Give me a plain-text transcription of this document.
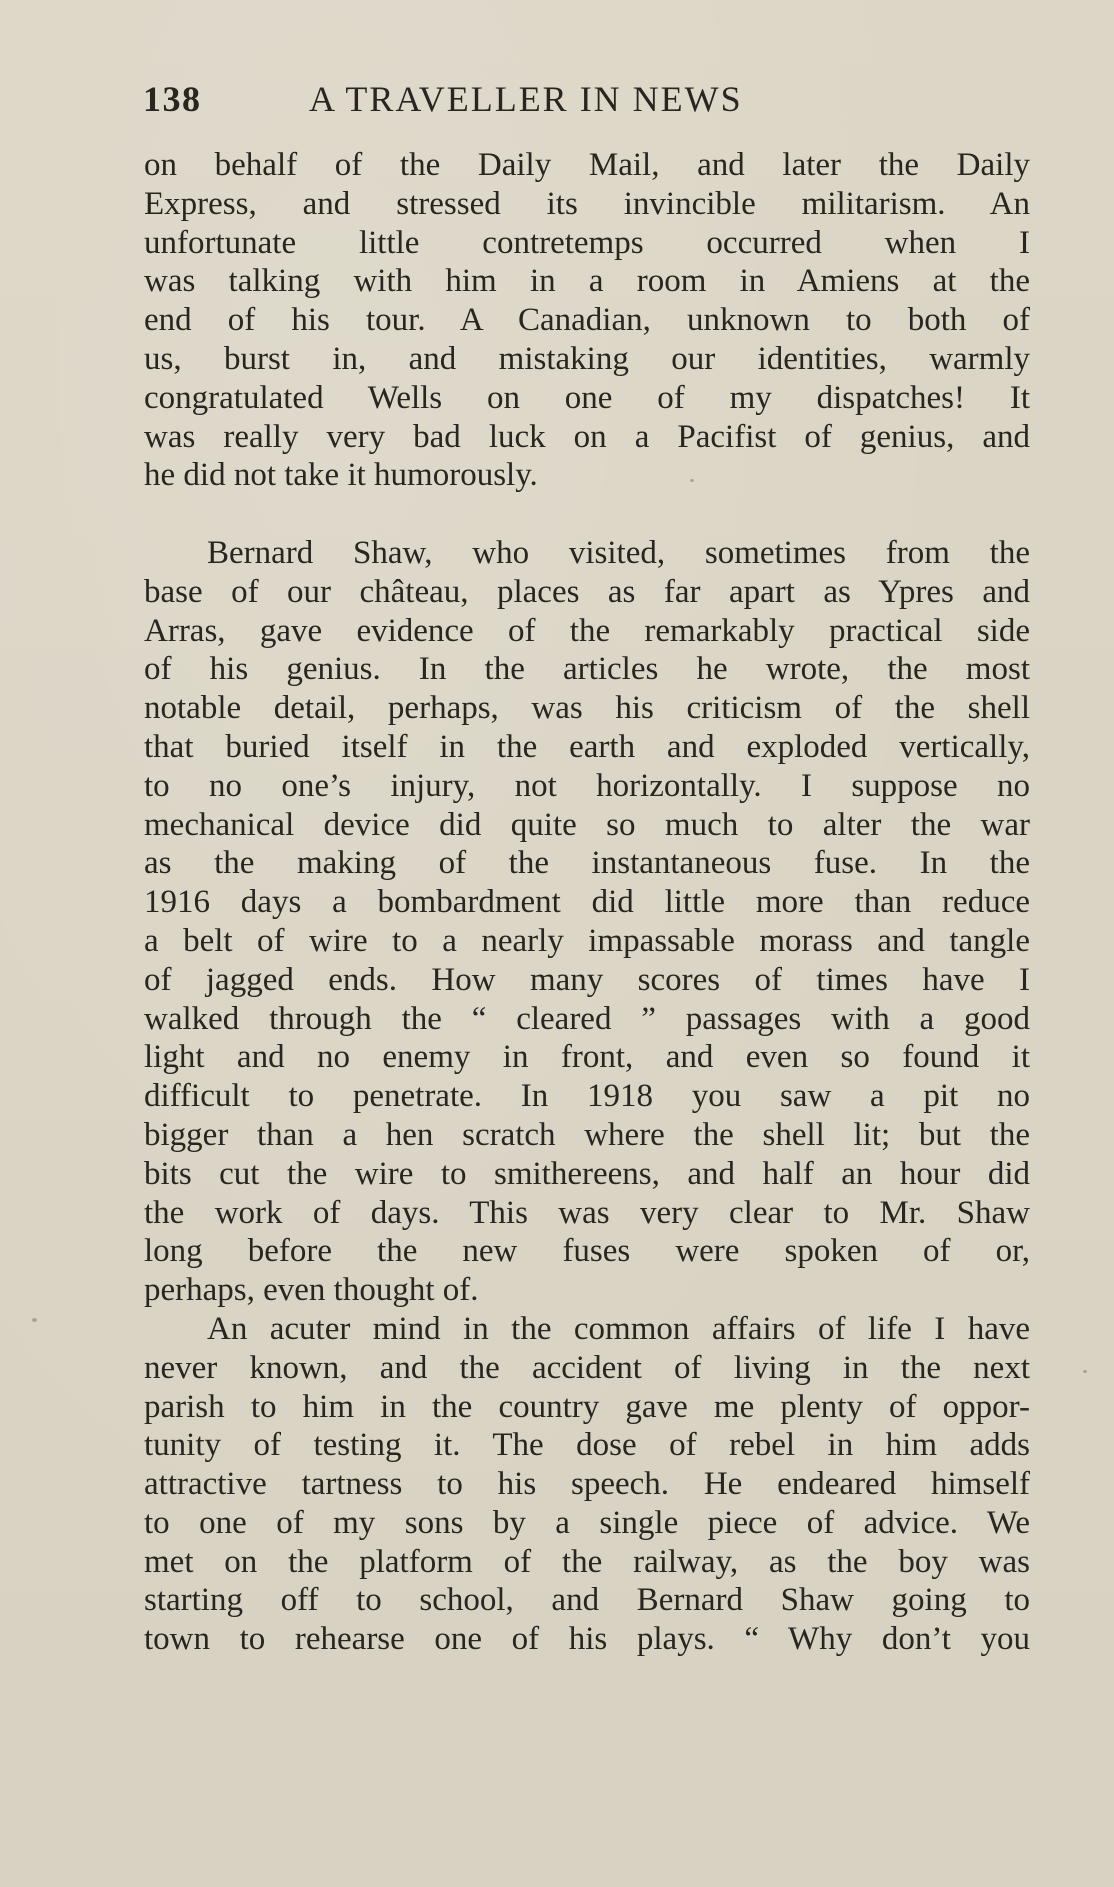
138	A TRAVELLER IN NEWS
on behalf of the Daily Mail, and later the Daily
Express, and stressed its invincible militarism. An
unfortunate little contretemps occurred when I
was talking with him in a room in Amiens at the
end of his tour. A Canadian, unknown to both of
us, burst in, and mistaking our identities, warmly
congratulated Wells on one of my dispatches! It
was really very bad luck on a Pacifist of genius, and
he did not take it humorously.
Bernard Shaw, who visited, sometimes from the
base of our château, places as far apart as Ypres and
Arras, gave evidence of the remarkably practical side
of his genius. In the articles he wrote, the most
notable detail, perhaps, was his criticism of the shell
that buried itself in the earth and exploded vertically,
to no one’s injury, not horizontally. I suppose no
mechanical device did quite so much to alter the war
as the making of the instantaneous fuse. In the
1916 days a bombardment did little more than reduce
a belt of wire to a nearly impassable morass and tangle
of jagged ends. How many scores of times have I
walked through the “ cleared ” passages with a good
light and no enemy in front, and even so found it
difficult to penetrate. In 1918 you saw a pit no
bigger than a hen scratch where the shell lit; but the
bits cut the wire to smithereens, and half an hour did
the work of days. This was very clear to Mr. Shaw
long before the new fuses were spoken of or,
perhaps, even thought of.
An acuter mind in the common affairs of life I have
never known, and the accident of living in the next
parish to him in the country gave me plenty of oppor-
tunity of testing it. The dose of rebel in him adds
attractive tartness to his speech. He endeared himself
to one of my sons by a single piece of advice. We
met on the platform of the railway, as the boy was
starting off to school, and Bernard Shaw going to
town to rehearse one of his plays. “ Why don’t you
